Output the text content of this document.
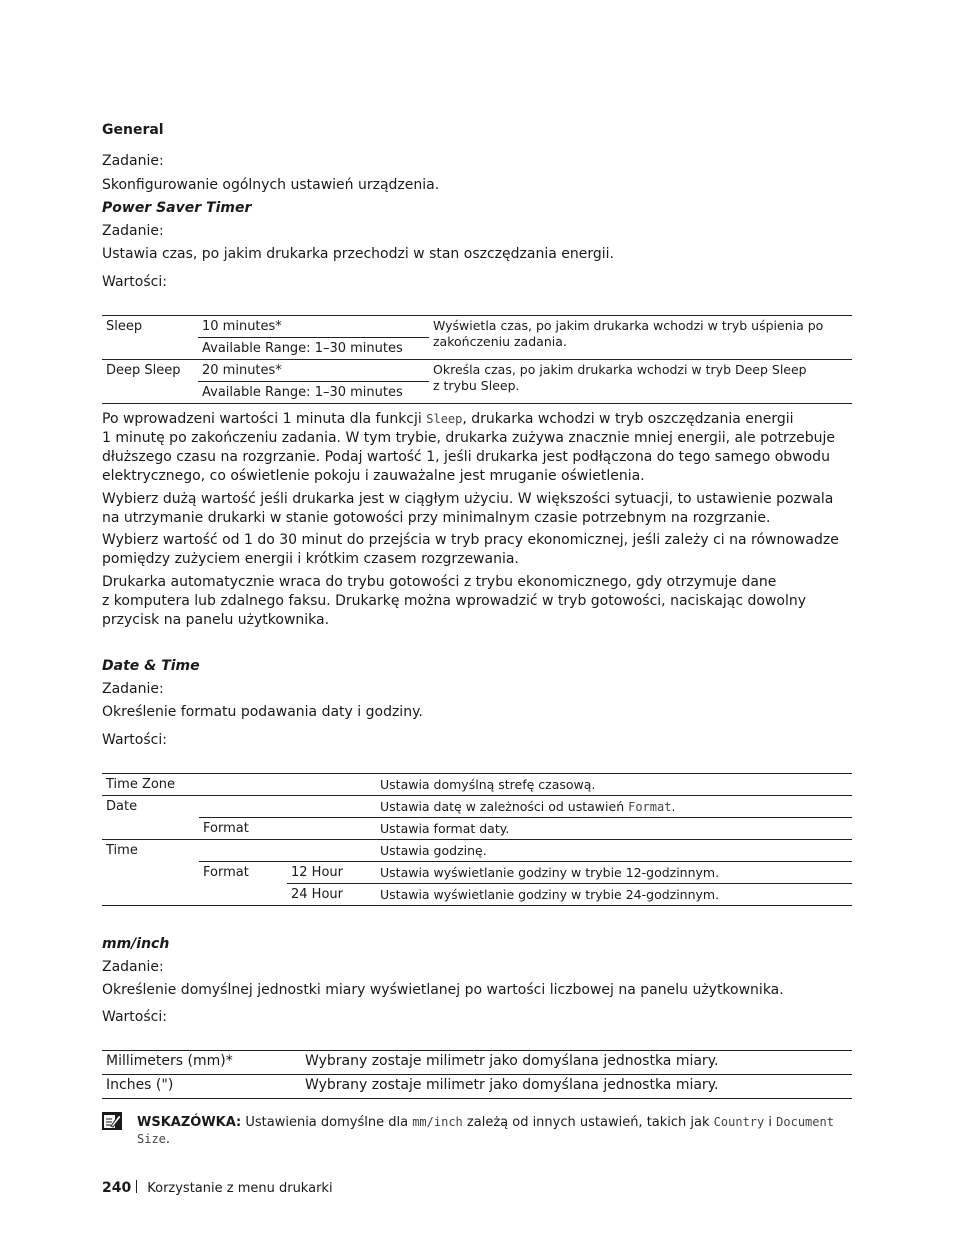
General
Zadanie:
Skonfigurowanie ogólnych ustawień urządzenia.
Power Saver Timer
Zadanie:
Ustawia czas, po jakim drukarka przechodzi w stan oszczędzania energii.
Wartości:
Sleep	10 minutes*	Wyświetla czas, po jakim drukarka wchodzi w tryb uśpienia po
zakończeniu zadania.
	Available Range: 1–30 minutes	
Deep Sleep	20 minutes*	Określa czas, po jakim drukarka wchodzi w tryb Deep Sleep
z trybu Sleep.
	Available Range: 1–30 minutes	

Po wprowadzeni wartości 1 minuta dla funkcji Sleep, drukarka wchodzi w tryb oszczędzania energii

1 minutę po zakończeniu zadania. W tym trybie, drukarka zużywa znacznie mniej energii, ale potrzebuje

dłuższego czasu na rozgrzanie. Podaj wartość 1, jeśli drukarka jest podłączona do tego samego obwodu

elektrycznego, co oświetlenie pokoju i zauważalne jest mruganie oświetlenia.

Wybierz dużą wartość jeśli drukarka jest w ciągłym użyciu. W większości sytuacji, to ustawienie pozwala

na utrzymanie drukarki w stanie gotowości przy minimalnym czasie potrzebnym na rozgrzanie.

Wybierz wartość od 1 do 30 minut do przejścia w tryb pracy ekonomicznej, jeśli zależy ci na równowadze

pomiędzy zużyciem energii i krótkim czasem rozgrzewania.

Drukarka automatycznie wraca do trybu gotowości z trybu ekonomicznego, gdy otrzymuje dane

z komputera lub zdalnego faksu. Drukarkę można wprowadzić w tryb gotowości, naciskając dowolny

przycisk na panelu użytkownika.

Date & Time
Zadanie:
Określenie formatu podawania daty i godziny.
Wartości:
Time Zone			Ustawia domyślną strefę czasową.
Date			Ustawia datę w zależności od ustawień Format.
	Format		Ustawia format daty.
Time			Ustawia godzinę.
	Format	12 Hour	Ustawia wyświetlanie godziny w trybie 12-godzinnym.
		24 Hour	Ustawia wyświetlanie godziny w trybie 24-godzinnym.
mm/inch
Zadanie:
Określenie domyślnej jednostki miary wyświetlanej po wartości liczbowej na panelu użytkownika.
Wartości:
Millimeters (mm)*	Wybrany zostaje milimetr jako domyślana jednostka miary.
Inches (")	Wybrany zostaje milimetr jako domyślana jednostka miary.
WSKAZÓWKA: Ustawienia domyślne dla mm/inch zależą od innych ustawień, takich jak Country i Document
Size.
240 Korzystanie z menu drukarki
